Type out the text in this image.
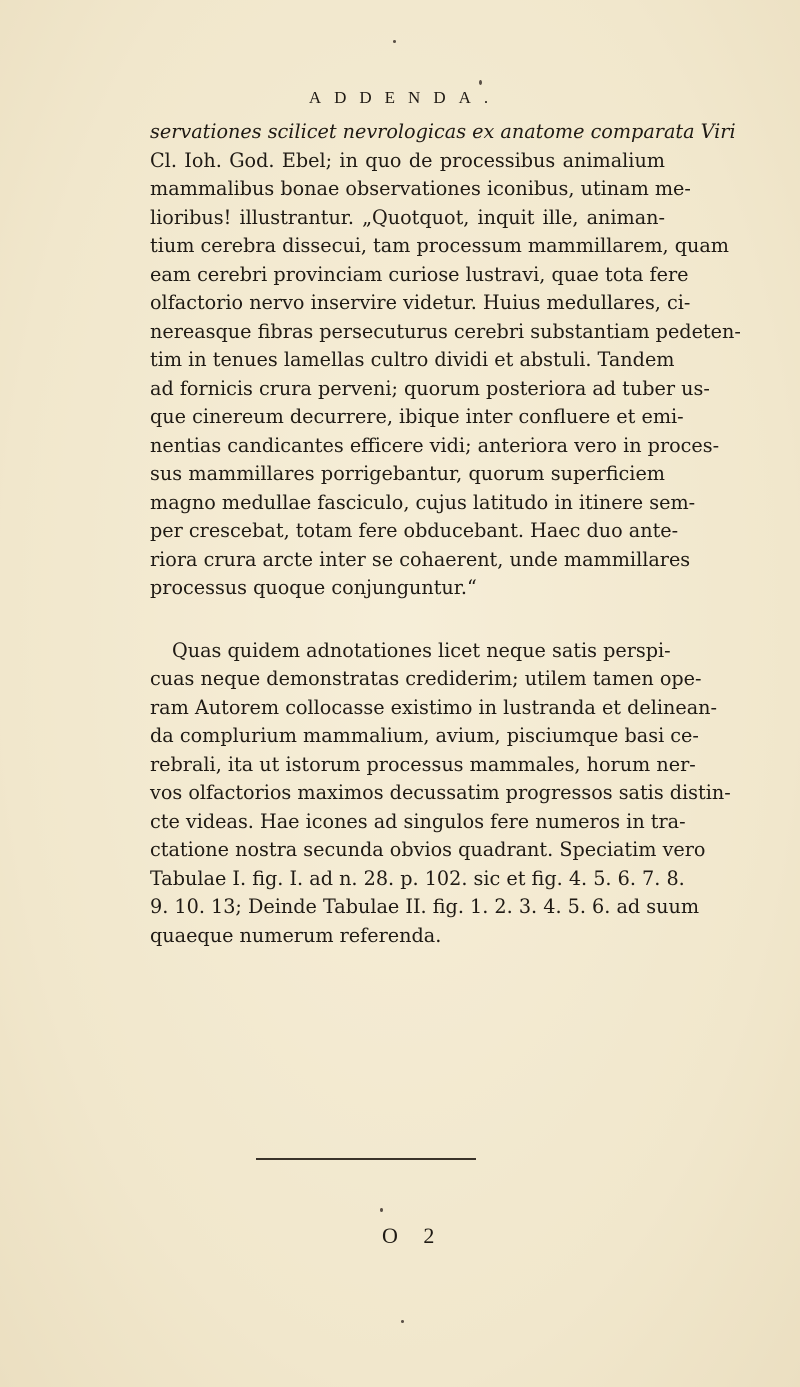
ADDENDA.
servationes scilicet nevrologicas ex anatome comparata Viri
Cl. Ioh. God. Ebel; in quo de processibus animalium
mammalibus bonae observationes iconibus, utinam me-
lioribus! illustrantur. „Quotquot, inquit ille, animan-
tium cerebra dissecui, tam processum mammillarem, quam
eam cerebri provinciam curiose lustravi, quae tota fere
olfactorio nervo inservire videtur. Huius medullares, ci-
nereasque fibras persecuturus cerebri substantiam pedeten-
tim in tenues lamellas cultro dividi et abstuli. Tandem
ad fornicis crura perveni; quorum posteriora ad tuber us-
que cinereum decurrere, ibique inter confluere et emi-
nentias candicantes efficere vidi; anteriora vero in proces-
sus mammillares porrigebantur, quorum superficiem
magno medullae fasciculo, cujus latitudo in itinere sem-
per crescebat, totam fere obducebant. Haec duo ante-
riora crura arcte inter se cohaerent, unde mammillares
processus quoque conjunguntur.“
Quas quidem adnotationes licet neque satis perspi-
cuas neque demonstratas crediderim; utilem tamen ope-
ram Autorem collocasse existimo in lustranda et delinean-
da complurium mammalium, avium, pisciumque basi ce-
rebrali, ita ut istorum processus mammales, horum ner-
vos olfactorios maximos decussatim progressos satis distin-
cte videas. Hae icones ad singulos fere numeros in tra-
ctatione nostra secunda obvios quadrant. Speciatim vero
Tabulae I. fig. I. ad n. 28. p. 102. sic et fig. 4. 5. 6. 7. 8.
9. 10. 13; Deinde Tabulae II. fig. 1. 2. 3. 4. 5. 6. ad suum
quaeque numerum referenda.
O 2
